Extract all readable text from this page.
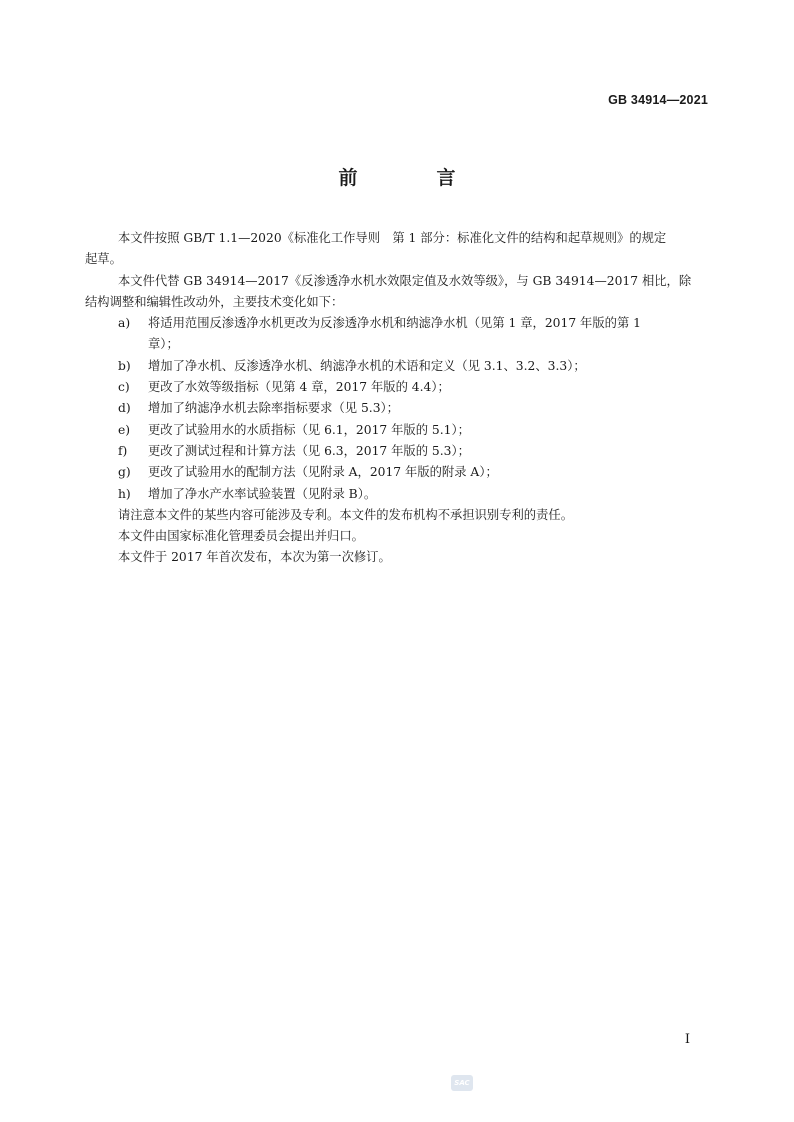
GB 34914—2021
前　言

本文件按照 GB/T 1.1—2020《标准化工作导则　第 1 部分：标准化文件的结构和起草规则》的规定
起草。

本文件代替 GB 34914—2017《反渗透净水机水效限定值及水效等级》，与 GB 34914—2017 相比，除
结构调整和编辑性改动外，主要技术变化如下：

a) 将适用范围反渗透净水机更改为反渗透净水机和纳滤净水机（见第 1 章，2017 年版的第 1
章）；
b) 增加了净水机、反渗透净水机、纳滤净水机的术语和定义（见 3.1、3.2、3.3）；
c) 更改了水效等级指标（见第 4 章，2017 年版的 4.4）；
d) 增加了纳滤净水机去除率指标要求（见 5.3）；
e) 更改了试验用水的水质指标（见 6.1，2017 年版的 5.1）；
f) 更改了测试过程和计算方法（见 6.3，2017 年版的 5.3）；
g) 更改了试验用水的配制方法（见附录 A，2017 年版的附录 A）；
h) 增加了净水产水率试验装置（见附录 B）。

请注意本文件的某些内容可能涉及专利。本文件的发布机构不承担识别专利的责任。

本文件由国家标准化管理委员会提出并归口。

本文件于 2017 年首次发布，本次为第一次修订。

I
SAC
